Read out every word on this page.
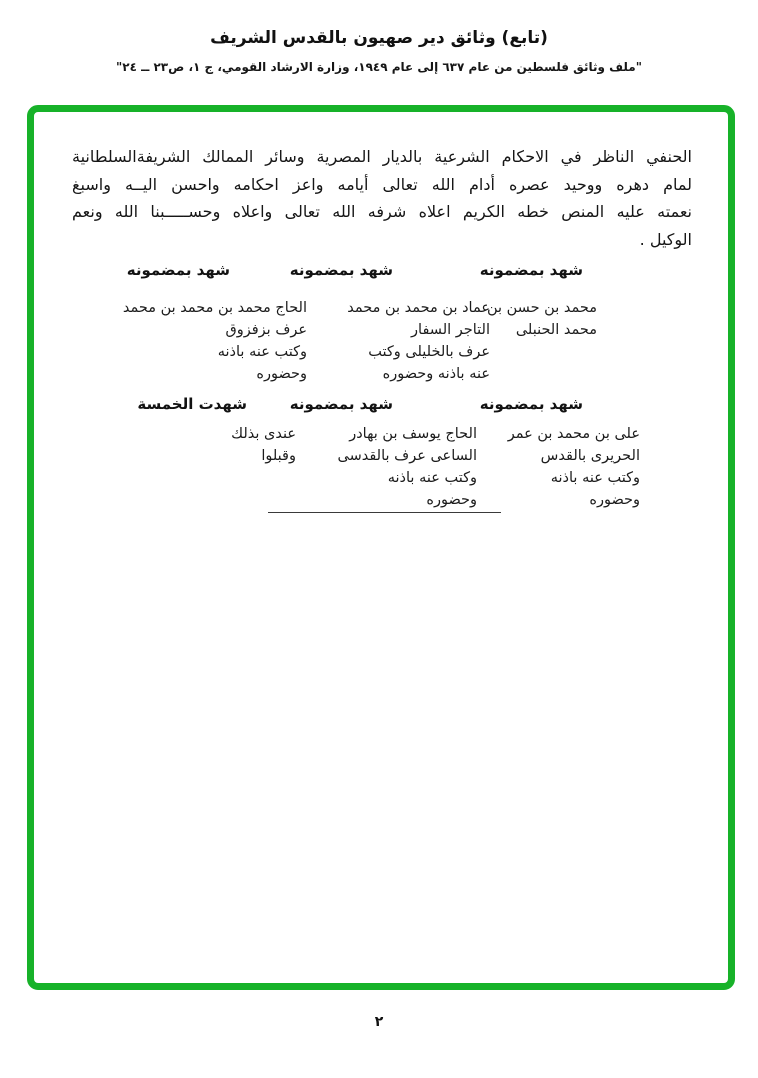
(تابع) وثائق دير صهيون بالقدس الشريف
"ملف وثائق فلسطين من عام ٦٣٧ إلى عام ١٩٤٩، وزارة الارشاد القومي، ج ١، ص٢٣ ــ ٢٤"
الحنفي الناظر في الاحكام الشرعية بالديار المصرية وسائر الممالك الشريفةالسلطانية
لمام دهره ووحيد عصره أدام الله تعالى أيامه واعز احكامه واحسن اليــه واسبغ
نعمته عليه المنص خطه الكريم اعلاه شرفه الله تعالى واعلاه وحســـــبنا الله ونعم
الوكيل .
شهد بمضمونه
شهد بمضمونه
شهد بمضمونه
محمد بن حسن بن
محمد الحنبلى
عماد بن محمد بن محمد
التاجر السفار
عرف بالخليلى وكتب
عنه باذنه وحضوره
الحاج محمد بن محمد بن محمد
عرف بزفزوق
وكتب عنه باذنه
وحضوره
شهد بمضمونه
شهد بمضمونه
شهدت الخمسة
على بن محمد بن عمر
الحريرى بالقدس
وكتب عنه باذنه
وحضوره
الحاج يوسف بن بهادر
الساعى عرف بالقدسى
وكتب عنه باذنه
وحضوره
عندى بذلك
وقبلوا
٢
